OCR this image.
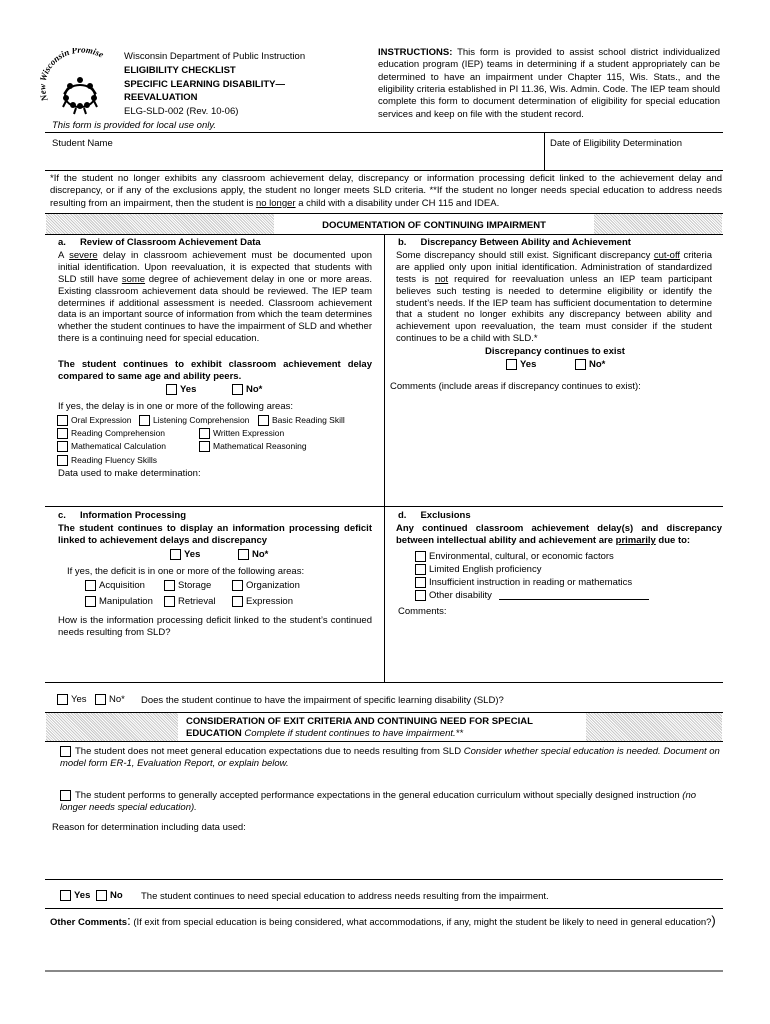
isconsin Promise Wisconsin Department of Public Instruction
ELIGIBILITY CHECKLIST
SPECIFIC LEARNING DISABILITY—
REEVALUATION
ELG-SLD-002 (Rev. 10-06)
This form is provided for local use only.
INSTRUCTIONS: This form is provided to assist school district individualized education program (IEP) teams in determining if a student appropriately can be determined to have an impairment under Chapter 115, Wis. Stats., and the eligibility criteria established in PI 11.36, Wis. Admin. Code. The IEP team should complete this form to document determination of eligibility for special education services and keep on file with the student record.
Student Name	Date of Eligibility Determination
*If the student no longer exhibits any classroom achievement delay, discrepancy or information processing deficit linked to the achievement delay and discrepancy, or if any of the exclusions apply, the student no longer meets SLD criteria. **If the student no longer needs special education to address needs resulting from an impairment, then the student is no longer a child with a disability under CH 115 and IDEA.
DOCUMENTATION OF CONTINUING IMPAIRMENT
a. Review of Classroom Achievement Data
A severe delay in classroom achievement must be documented upon initial identification. Upon reevaluation, it is expected that students with SLD still have some degree of achievement delay in one or more areas. Existing classroom achievement data should be reviewed. The IEP team determines if additional assessment is needed. Classroom achievement data is an important source of information from which the team determines whether the student continues to have the impairment of SLD and whether there is a continuing need for special education.
The student continues to exhibit classroom achievement delay compared to same age and ability peers.
Yes	No*
If yes, the delay is in one or more of the following areas:
Oral Expression	Listening Comprehension	Basic Reading Skill
Reading Comprehension	Written Expression
Mathematical Calculation	Mathematical Reasoning
Reading Fluency Skills
Data used to make determination:
b. Discrepancy Between Ability and Achievement
Some discrepancy should still exist. Significant discrepancy cut-off criteria are applied only upon initial identification. Administration of standardized tests is not required for reevaluation unless an IEP team participant believes such testing is needed to determine eligibility or identify the student’s needs. If the IEP team has sufficient documentation to determine that a student no longer exhibits any discrepancy between ability and achievement upon reevaluation, the team must consider if the student continues to be a child with SLD.*
Discrepancy continues to exist
Yes	No*
Comments (include areas if discrepancy continues to exist):
c. Information Processing
The student continues to display an information processing deficit linked to achievement delays and discrepancy
Yes	No*
If yes, the deficit is in one or more of the following areas:
Acquisition	Storage	Organization
Manipulation	Retrieval	Expression
How is the information processing deficit linked to the student’s continued needs resulting from SLD?
d. Exclusions
Any continued classroom achievement delay(s) and discrepancy between intellectual ability and achievement are primarily due to:
Environmental, cultural, or economic factors
Limited English proficiency
Insufficient instruction in reading or mathematics
Other disability
Comments:
Yes No* Does the student continue to have the impairment of specific learning disability (SLD)?
CONSIDERATION OF EXIT CRITERIA AND CONTINUING NEED FOR SPECIAL
EDUCATION Complete if student continues to have impairment.**
The student does not meet general education expectations due to needs resulting from SLD Consider whether special education is needed. Document on model form ER-1, Evaluation Report, or explain below.
The student performs to generally accepted performance expectations in the general education curriculum without specially designed instruction (no longer needs special education).
Reason for determination including data used:
Yes No The student continues to need special education to address needs resulting from the impairment.
Other Comments: (If exit from special education is being considered, what accommodations, if any, might the student be likely to need in general education?)
